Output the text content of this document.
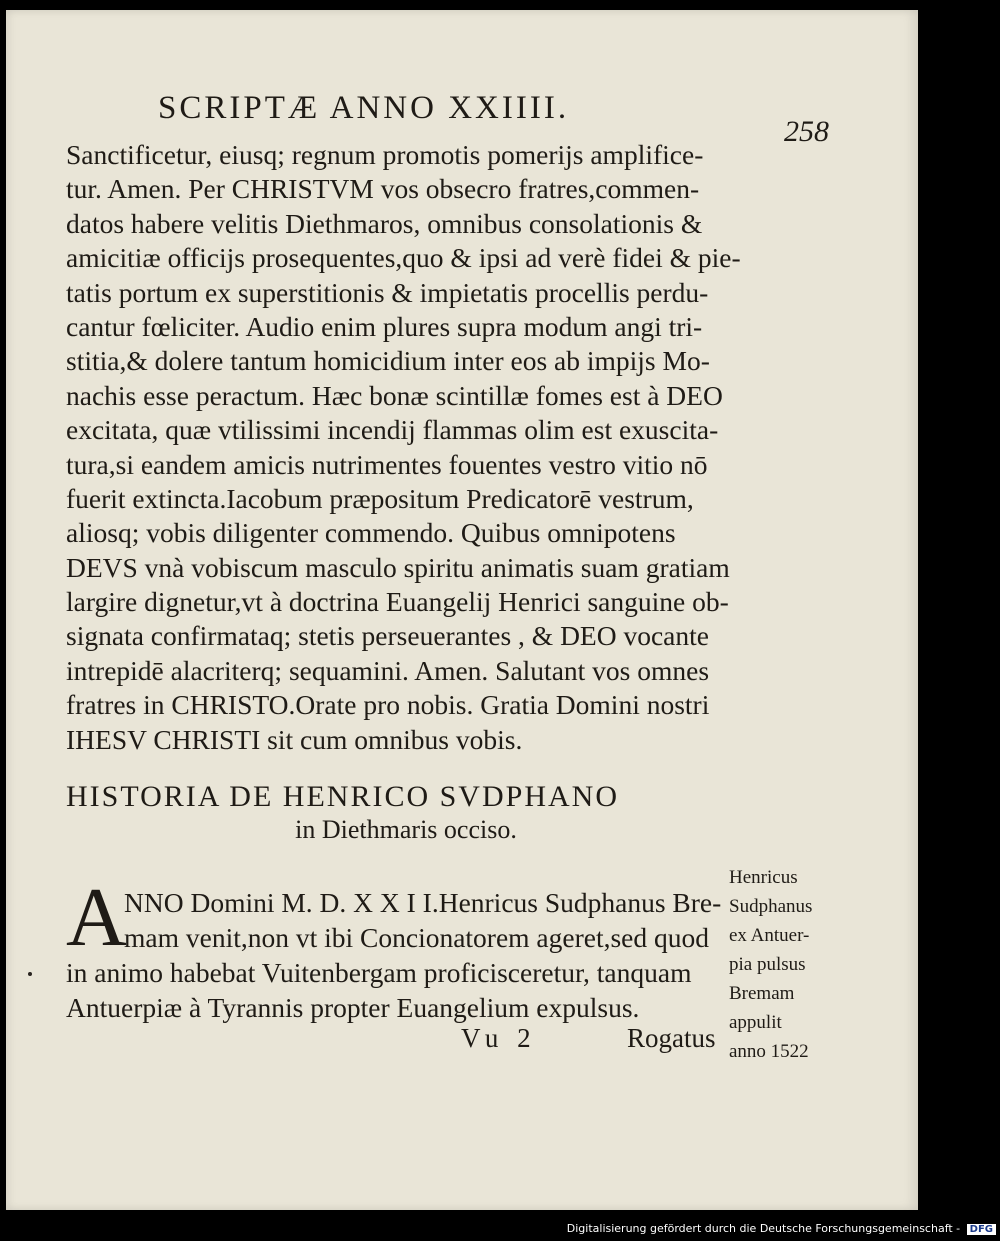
SCRIPTÆ ANNO XXIIII.
258
Sanctificetur, eiusq; regnum promotis pomerijs amplifice-
tur. Amen. Per CHRISTVM vos obsecro fratres,commen-
datos habere velitis Diethmaros, omnibus consolationis &
amicitiæ officijs prosequentes,quo & ipsi ad verè fidei & pie-
tatis portum ex superstitionis & impietatis procellis perdu-
cantur fœliciter. Audio enim plures supra modum angi tri-
stitia,& dolere tantum homicidium inter eos ab impijs Mo-
nachis esse peractum. Hæc bonæ scintillæ fomes est à DEO
excitata, quæ vtilissimi incendij flammas olim est exuscita-
tura,si eandem amicis nutrimentes fouentes vestro vitio nō
fuerit extincta.Iacobum præpositum Predicatorē vestrum,
aliosq; vobis diligenter commendo. Quibus omnipotens
DEVS vnà vobiscum masculo spiritu animatis suam gratiam
largire dignetur,vt à doctrina Euangelij Henrici sanguine ob-
signata confirmataq; stetis perseuerantes , & DEO vocante
intrepidē alacriterq; sequamini. Amen. Salutant vos omnes
fratres in CHRISTO.Orate pro nobis. Gratia Domini nostri
IHESV CHRISTI sit cum omnibus vobis.
HISTORIA DE HENRICO SVDPHANO
in Diethmaris occiso.
A
NNO Domini M. D. X X I I.Henricus Sudphanus Bre-
mam venit,non vt ibi Concionatorem ageret,sed quod
in animo habebat Vuitenbergam proficisceretur, tanquam
Antuerpiæ à Tyrannis propter Euangelium expulsus.
Vu 2	Rogatus
Henricus
Sudphanus
ex Antuer-
pia pulsus
Bremam
appulit
anno 1522
Digitalisierung gefördert durch die Deutsche Forschungsgemeinschaft - DFG
